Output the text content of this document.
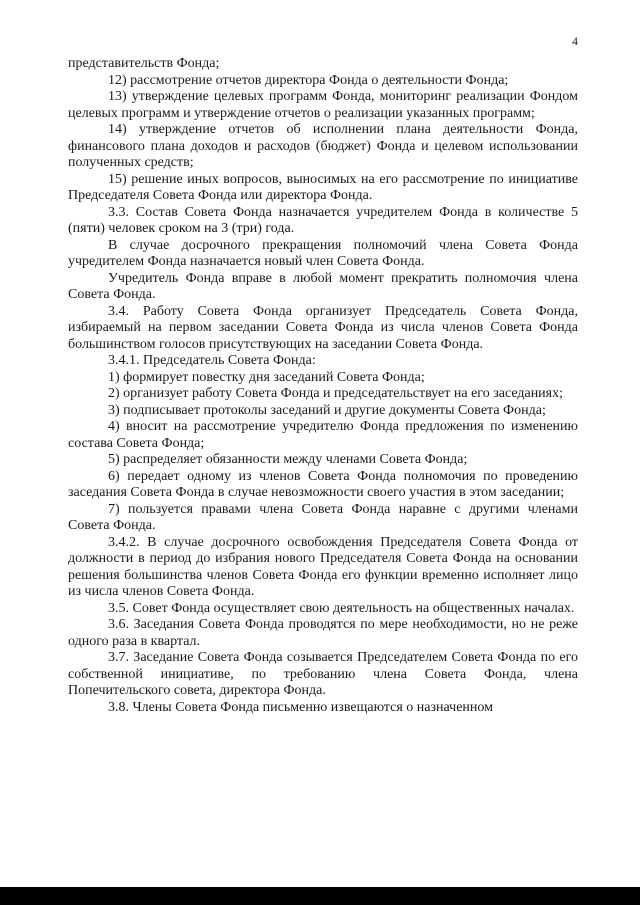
4

представительств Фонда;

12) рассмотрение отчетов директора Фонда о деятельности Фонда;

13) утверждение целевых программ Фонда, мониторинг реализации Фондом целевых программ и утверждение отчетов о реализации указанных программ;

14) утверждение отчетов об исполнении плана деятельности Фонда, финансового плана доходов и расходов (бюджет) Фонда и целевом использовании полученных средств;

15) решение иных вопросов, выносимых на его рассмотрение по инициативе Председателя Совета Фонда или директора Фонда.

3.3. Состав Совета Фонда назначается учредителем Фонда в количестве 5 (пяти) человек сроком на 3 (три) года.

В случае досрочного прекращения полномочий члена Совета Фонда учредителем Фонда назначается новый член Совета Фонда.

Учредитель Фонда вправе в любой момент прекратить полномочия члена Совета Фонда.

3.4. Работу Совета Фонда организует Председатель Совета Фонда, избираемый на первом заседании Совета Фонда из числа членов Совета Фонда большинством голосов присутствующих на заседании Совета Фонда.

3.4.1. Председатель Совета Фонда:

1) формирует повестку дня заседаний Совета Фонда;

2) организует работу Совета Фонда и председательствует на его заседаниях;

3) подписывает протоколы заседаний и другие документы Совета Фонда;

4) вносит на рассмотрение учредителю Фонда предложения по изменению состава Совета Фонда;

5) распределяет обязанности между членами Совета Фонда;

6) передает одному из членов Совета Фонда полномочия по проведению заседания Совета Фонда в случае невозможности своего участия в этом заседании;

7) пользуется правами члена Совета Фонда наравне с другими членами Совета Фонда.

3.4.2. В случае досрочного освобождения Председателя Совета Фонда от должности в период до избрания нового Председателя Совета Фонда на основании решения большинства членов Совета Фонда его функции временно исполняет лицо из числа членов Совета Фонда.

3.5. Совет Фонда осуществляет свою деятельность на общественных началах.

3.6. Заседания Совета Фонда проводятся по мере необходимости, но не реже одного раза в квартал.

3.7. Заседание Совета Фонда созывается Председателем Совета Фонда по его собственной инициативе, по требованию члена Совета Фонда, члена Попечительского совета, директора Фонда.

3.8. Члены Совета Фонда письменно извещаются о назначенном
